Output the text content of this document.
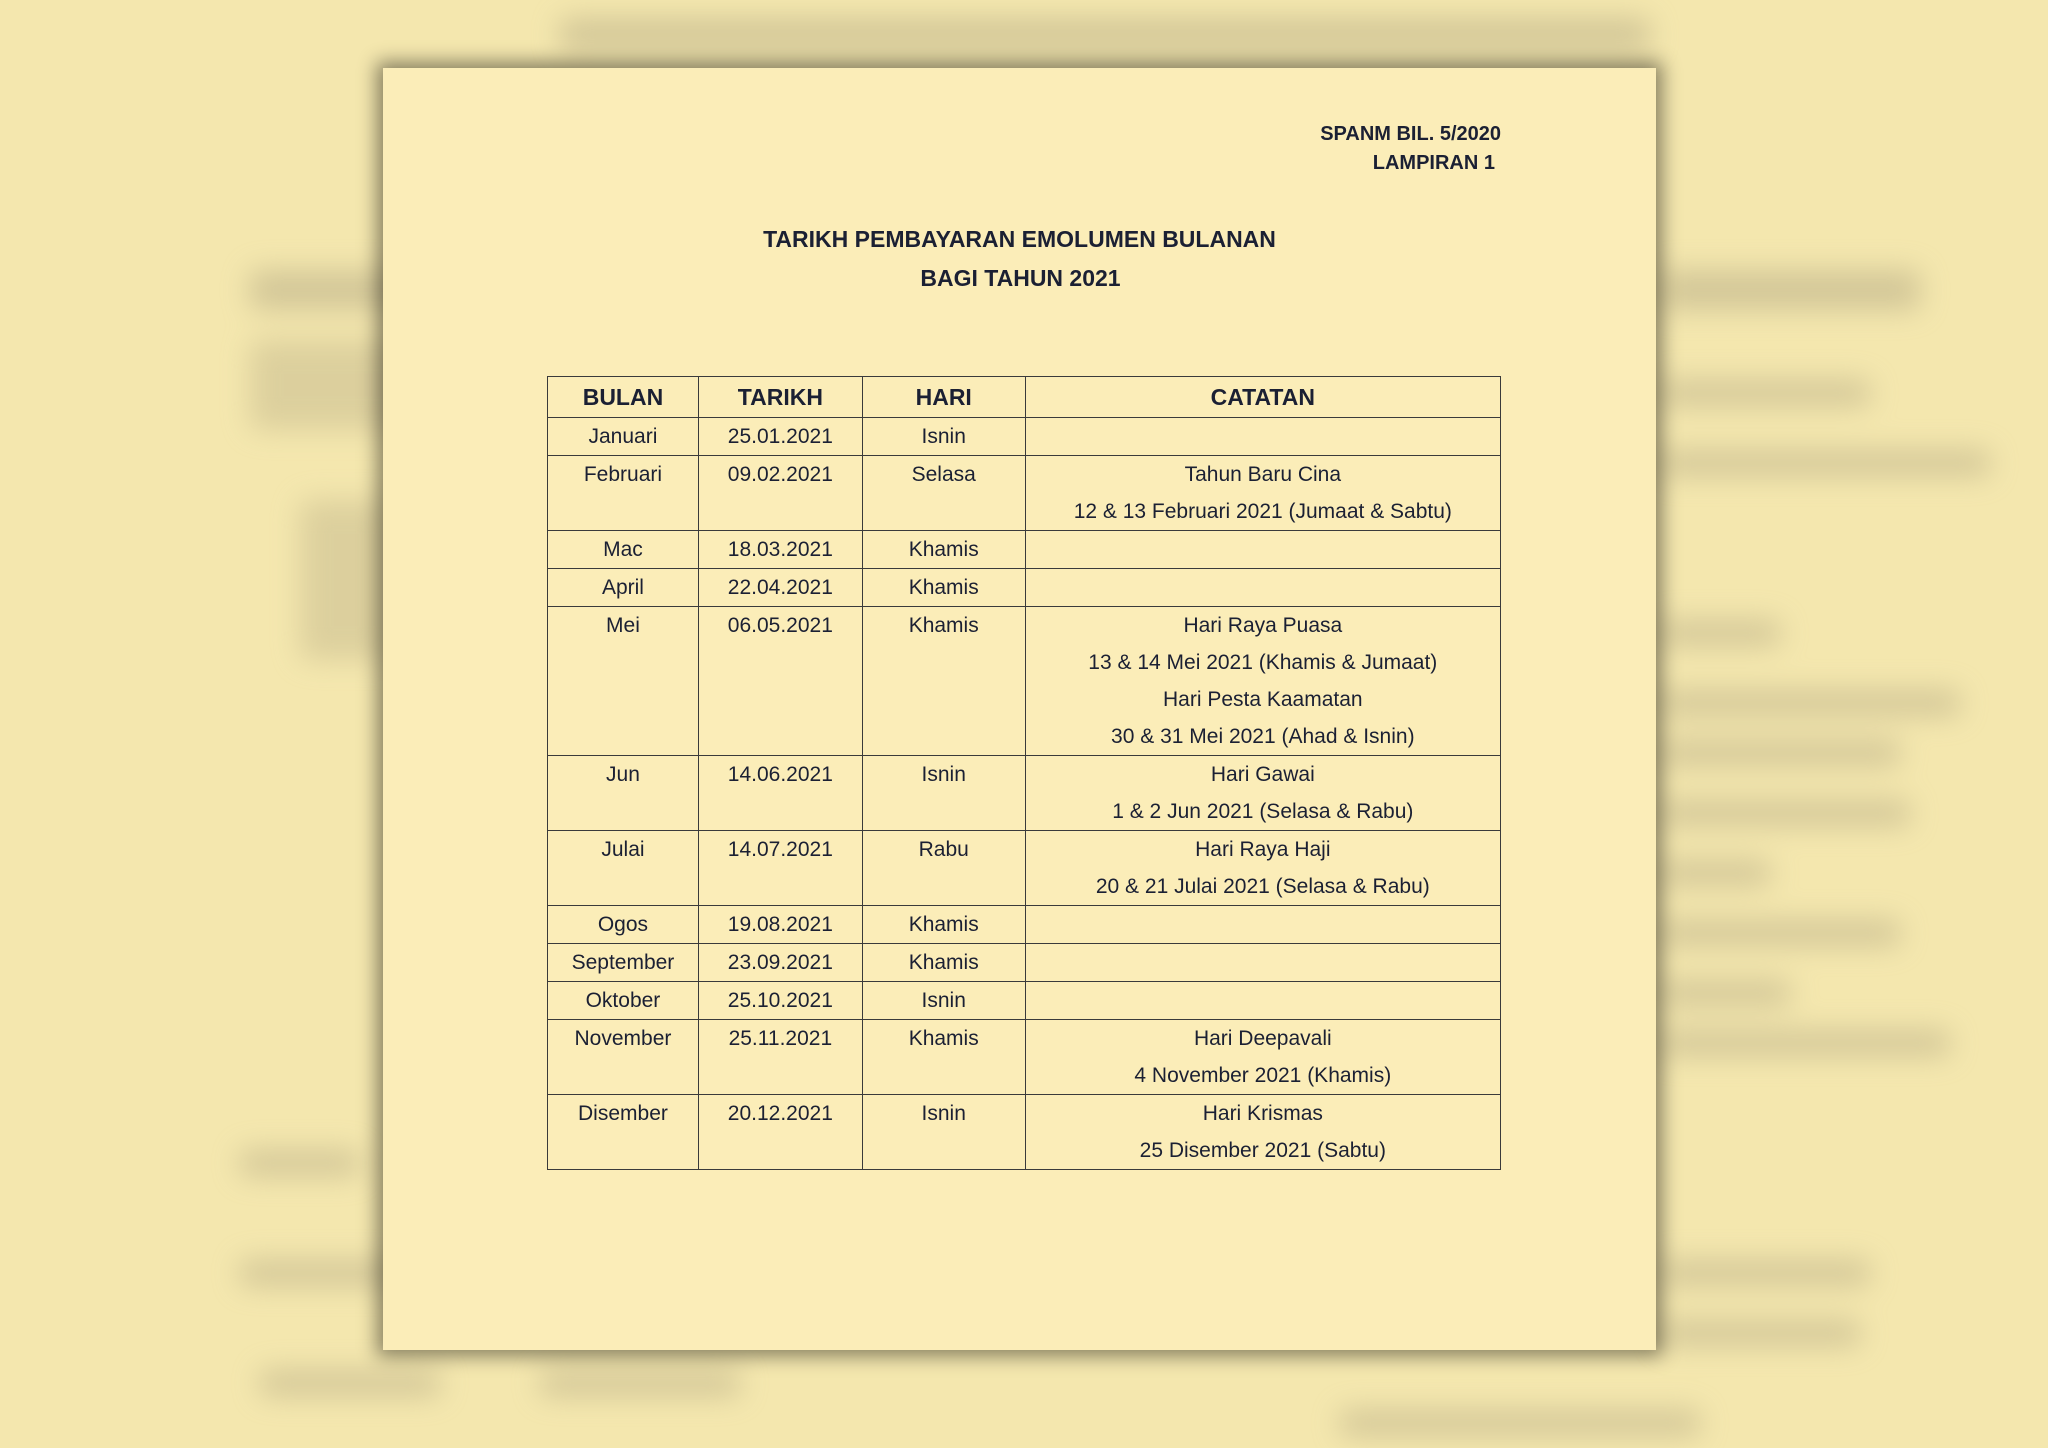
SPANM BIL. 5/2020
LAMPIRAN 1
TARIKH PEMBAYARAN EMOLUMEN BULANAN
BAGI TAHUN 2021
BULAN	TARIKH	HARI	CATATAN
Januari	25.01.2021	Isnin	
Februari	09.02.2021	Selasa	Tahun Baru Cina
12 & 13 Februari 2021 (Jumaat & Sabtu)

Mac	18.03.2021	Khamis	
April	22.04.2021	Khamis	
Mei	06.05.2021	Khamis	Hari Raya Puasa
13 & 14 Mei 2021 (Khamis & Jumaat)
Hari Pesta Kaamatan
30 & 31 Mei 2021 (Ahad & Isnin)

Jun	14.06.2021	Isnin	Hari Gawai
1 & 2 Jun 2021 (Selasa & Rabu)

Julai	14.07.2021	Rabu	Hari Raya Haji
20 & 21 Julai 2021 (Selasa & Rabu)

Ogos	19.08.2021	Khamis	
September	23.09.2021	Khamis	
Oktober	25.10.2021	Isnin	
November	25.11.2021	Khamis	Hari Deepavali
4 November 2021 (Khamis)

Disember	20.12.2021	Isnin	Hari Krismas
25 Disember 2021 (Sabtu)
